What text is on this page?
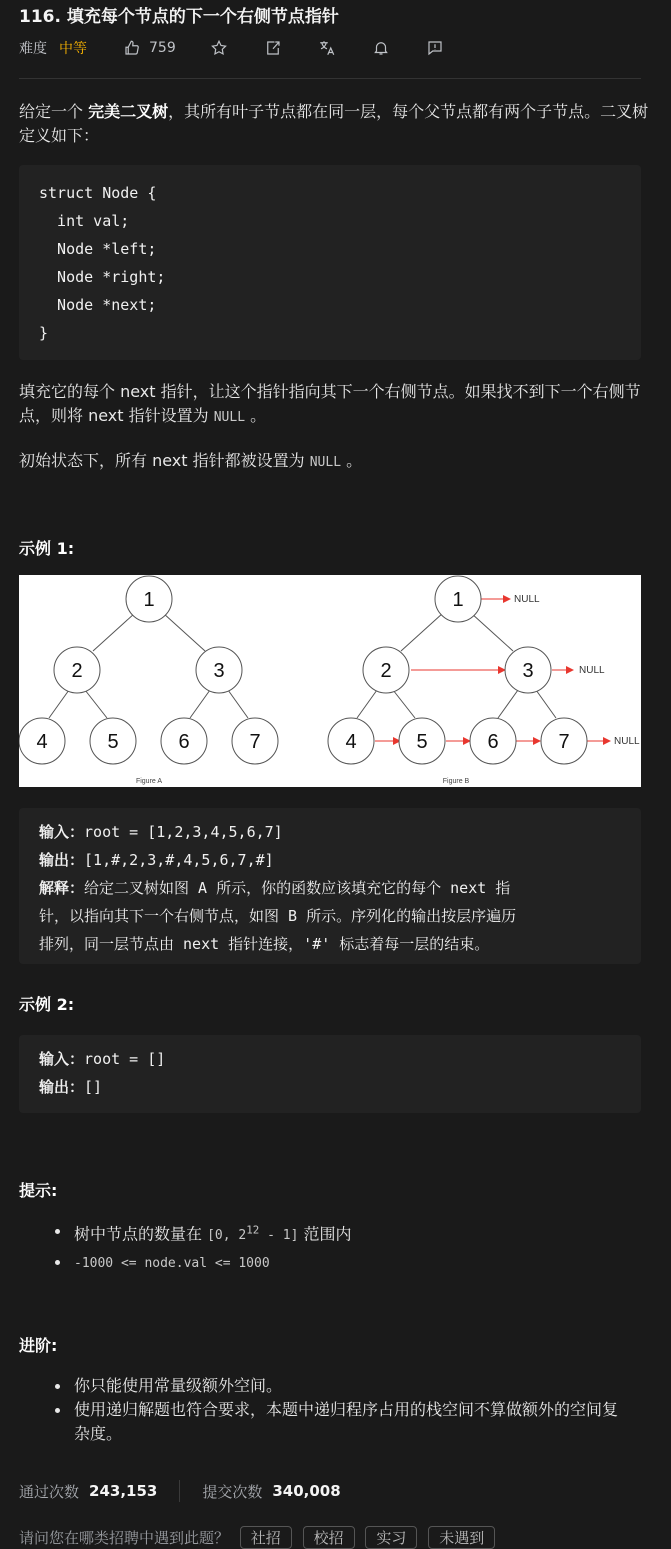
116. 填充每个节点的下一个右侧节点指针
难度 中等	759

给定一个 完美二叉树，其所有叶子节点都在同一层，每个父节点都有两个子节点。二叉树定义如下：

struct Node {
int val;
Node *left;
Node *right;
Node *next;
}

填充它的每个 next 指针，让这个指针指向其下一个右侧节点。如果找不到下一个右侧节点，则将 next 指针设置为 NULL 。

初始状态下，所有 next 指针都被设置为 NULL 。

示例 1:
1
2	3
4	5	6	7
1
2	3
4	5	6	7
NULL
NULL
NULL
Figure A	Figure B
输入：root = [1,2,3,4,5,6,7]
输出：[1,#,2,3,#,4,5,6,7,#]
解释：给定二叉树如图 A 所示，你的函数应该填充它的每个 next 指
针，以指向其下一个右侧节点，如图 B 所示。序列化的输出按层序遍历
排列，同一层节点由 next 指针连接，'#' 标志着每一层的结束。
示例 2:
输入：root = []
输出：[]
提示:
树中节点的数量在 [0, $2^{12} - 1$] 范围内
-1000 <= node.val <= 1000
进阶:
你只能使用常量级额外空间。
使用递归解题也符合要求，本题中递归程序占用的栈空间不算做额外的空间复杂度。
通过次数 243,153	提交次数 340,008
请问您在哪类招聘中遇到此题？ 社招 校招 实习 未遇到
